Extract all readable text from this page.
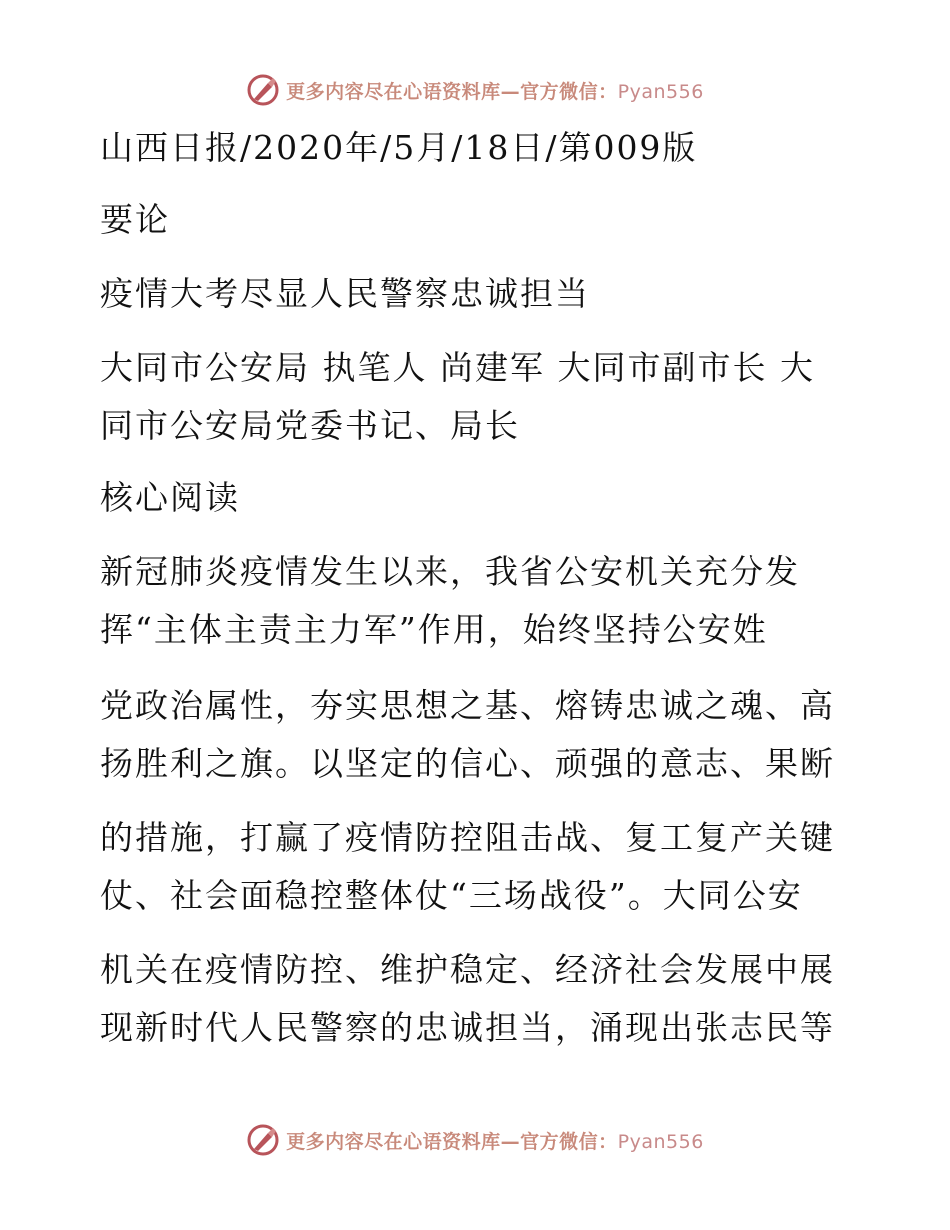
更多内容尽在心语资料库—官方微信：Pyan556
山西日报/2020年/5月/18日/第009版
要论
疫情大考尽显人民警察忠诚担当
大同市公安局 执笔人 尚建军 大同市副市长 大
同市公安局党委书记、局长
核心阅读
新冠肺炎疫情发生以来，我省公安机关充分发
挥“主体主责主力军”作用，始终坚持公安姓
党政治属性，夯实思想之基、熔铸忠诚之魂、高
扬胜利之旗。以坚定的信心、顽强的意志、果断
的措施，打赢了疫情防控阻击战、复工复产关键
仗、社会面稳控整体仗“三场战役”。大同公安
机关在疫情防控、维护稳定、经济社会发展中展
现新时代人民警察的忠诚担当，涌现出张志民等
更多内容尽在心语资料库—官方微信：Pyan556
